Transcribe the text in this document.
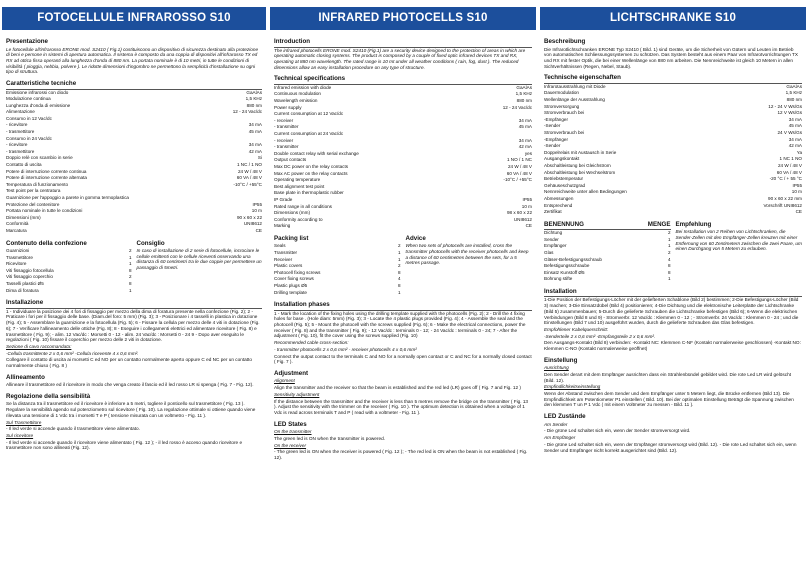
FOTOCELLULE INFRAROSSO S10
Presentazione
Le fotocellule all'infrarosso ERONE mod. S2410 ( Fig.1) costituiscono un dispositivo di sicurezza destinato alla protezione di beni e persone in sistemi di apertura automatica. Il sistema è composto da una coppia di dispositivi all'infrarosso TX ed RX ad ottica fissa operanti alla lunghezza d'onda di 880 nm. La portata nominale è di 10 metri, in tutte le condizioni di visibilità ( pioggia, nebbia, polvere ). Le ridotte dimensioni d'ingombro ne permettono la semplicità d'installazione su ogni tipo di struttura.
Caratteristiche tecniche
GaAlAs
Emissione infrarossi con diodo
1,5 KHz
Modulazione continua
880 nm
Lunghezza d'onda di emissione
12 - 24 Vac/dc
Alimentazione
Consumo in 12 Vac/dc
34 mA
- ricevitore
45 mA
- trasmettitore
Consumo in 24 Vac/dc
34 mA
- ricevitore
42 mA
- trasmettitore
Si
Doppio relè con scambio in serie
1 NC / 1 NO
Contatto di uscita
24 W / 48 V
Potere di interruzione corrente continua
60 VA / 48 V
Potere di interruzione corrente alternata
-10°C / +55°C
Temperatura di funzionamento
Test point per la centratura
Guarnizione per l'appoggio a parete in gomma termoplastica
IP55
Protezione del contenitore
10 m
Portata nominale in tutte le condizioni
90 x 60 x 22
Dimensioni (mm)
UNI8612
Conformità
CE
Marcatura
Contenuto della confezione
2
Guarnizioni
1
Trasmettitore
1
Ricevitore
8
Viti fissaggio fotocellula
2
Viti fissaggio coperchio
8
Tasselli plastici Ø5
1
Dima di foratura
Consiglio
In caso di installazione di 2 serie di fotocellule, incrociare le cellule emittenti con le cellule riceventi osservando una distanza di 60 centimetri tra le due coppie per permettere un passaggio di 5metri.
Installazione
1 - Individuare la posizione dei 4 fori di fissaggio per mezzo della dima di foratura presente nella confezione (Fig. 2); 2 - Praticare i fori per il fissaggio delle base. (Diam.del foro: 5 mm) (Fig. 3); 3 - Posizionare i 4 tasselli in plastica in dotazione (Fig. 4); 5 - Assemblare la guarnizione e la fotocellula (Fig. 5); 6 - Fissare la cellula per mezzo delle 4 viti in dotazione (Fig. 6); 7 - Verificare l'allineamento delle ottiche (Fig. 8); 8 - Eseguire i collegamenti elettrici ed alimentare ricevitore ( Fig. 8) e trasmettitore ( Fig. 9); - alim. 12 Vac/dc : Morsetti 0 - 12 - alim. 24 Vac/dc : Morsetti 0 - 24 9 - Dopo aver eseguito le regolazioni ( Fig. 10) fissare il coperchio per mezzo delle 2 viti in dotazione.
Sezione di cavo raccomandata:
-Cellula trasmittente 2 x 0,6 mm² -Cellula ricevente 4 x 0,6 mm².
Collegare il contatto di uscita ai morsetti C ed NO per un contatto normalmente aperto oppure C ed NC per un contatto normalmente chiuso ( Fig. 8 )
Allineamento
Allineare il trasmettitore ed il ricevitore in modo che venga creato il fascio ed il led rosso LR si spenga ( Fig. 7 - Fig. 12).
Regolazione della sensibilità
Se la distanza tra il trasmettitore ed il ricevitore è inferiore a 5 metri, togliere il ponticello sul trasmettitore ( Fig. 13 ). Regolare la sensibilità agendo sul potenziometro sul ricevitore ( Fig. 10). La regolazione ottimale si ottiene quando viene rilevata una tensione di 1 Vdc tra i morsetti T e P ( tensione misurata con un voltmetro - Fig. 11 ).
Sul Trasmettitore
- Il led verde si accende quando il trasmettitore viene alimentato.
Sul ricevitore
- Il led verde si accende quando il ricevitore viene alimentato ( Fig. 12 ); - il led rosso è acceso quando ricevitore e trasmettitore non sono allineati (Fig. 12).
INFRARED PHOTOCELLS S10
Introduction
The infrared photocells ERONE mod. S2410 (Fig.1) are a security device designed to the protection of areas in which are operating automatic closing systems. The product is composed by a couple of fixed optic infrared devices TX and RX, operating at 880 nm wavelength. The rated range is 10 mt under all weather conditions ( rain, fog, dust ). The reduced dimensions allow an easy installation procedure on any type of structure.
Technical specifications
GaAlAs
Infrared emission with diode
1,5 KHz
Continuous modulation
880 nm
Wavelength emission
12 - 24 Vac/dc
Power supply
Current consumption at 12 Vac/dc
34 mA
- receiver
45 mA
- transmitter
Current consumption at 24 Vac/dc
34 mA
- receiver
42 mA
- transmitter
yes
Double contact relay with serial exchange
1 NO / 1 NC
Output contacts
24 W / 48 V
Max DC power on the relay contacts
60 VA / 48 V
Max AC power on the relay contacts
-10°C / +55°C
Operating temperature
Best alignment test point
Base plate in thermoplastic rubber
IP55
IP Grade
10 m
Rated range in all conditions
98 x 60 x 22
Dimensions (mm)
UNI8612
Conformity according to
CE
Marking
Packing list
2
Seals
1
Transmitter
1
Receiver
2
Plastic covers
8
Photocell fixing screws
4
Cover fixing screws
8
Plastic plugs Ø5
1
Drilling template
Advice
When two sets of photocells are installed, cross the transmitter photocells with the receiver photocells and keep a distance of 60 centimetres between the sets, for a 5 metres passage.
Installation phases
1 - Mark the location of the fixing holes using the drilling template supplied with the photocells (Fig. 2); 2 - Drill the 4 fixing holes for base . (Hole diam: 5mm) (Fig. 3); 3 - Locate the 4 plastic plugs provided (Fig. 4); 4 - Assemble the seal and the photocell (Fig. 5); 5 - Mount the photocell with the screws supplied (Fig. 6); 6 - Make the electrical connections, power the receiver ( Fig. 8) and the transmitter ( Fig. 9); - 12 Vac/dc : terminals 0 - 12; - 24 Vac/dc : terminals 0 - 24; 7 - After the adjustment ( Fig. 10), fit the cover using the screws supplied (Fig. 10)
Recommended cable cross-section:
- transmitter photocells 2 x 0,6 mm² - receiver photocells 4 x 0,6 mm²
Connect the output contact to the terminals C and NO for a normally open contact or C and NC for a normally closed contact ( Fig. 7 ).
Adjustment
Alignment
Align the transmitter and the receiver so that the beam is established and the red led (LR) goes off ( Fig. 7 and Fig. 12 )
Sensitivity adjustment
If the distance between the transmitter and the receiver is less than 5 metres remove the bridge on the transmitter ( Fig. 13 ). Adjust the sensitivity with the trimmer on the receiver ( Fig. 10 ). The optimum detection is obtained when a voltage of 1 Vdc is read across terminals T and P ( read with a voltmeter - Fig. 11 ).
LED States
On the transmitter
The green led is ON when the transmitter is powered.
On the receiver
- The green led is ON when the receiver is powered ( Fig. 12 ); - The red led is ON when the beam is not established ( Fig. 12).
LICHTSCHRANKE S10
Beschreibung
Die Infrarotlichtschranken ERONE Typ S2410 ( Bild. 1) sind Geräte, um die Sicherheit von Gütern und Leuten im Betrieb von automatischen Schliessungssystemen zu schützen. Das System besteht aus einem Paar von Infrarotvorrichtungen TX und RX mit fester Optik, die bei einer Wellenlänge von 880 nm arbeiten. Die Nennreichweite ist gleich 10 Metern in allen Sichtverhältnissen (Regen, Nebel, Staub).
Technische eigenschaften
GaAlAs
Infrarotausstrahlung mit Diode
1,5 KHz
Dauermodulation
880 nm
Wellenlänge der Ausstrahlung
12 - 24 V Ws/Gs
Stromversorgung
12 V Ws/Gs
Stromverbrauch bei
34 mA
-Empfänger
45 mA
-Sender
24 V Ws/Gs
Stromverbrauch bei
34 mA
-Empfänger
42 mA
-Sender
Ya
Doppelrelais mit Austausch in Serie
1 NC 1 NO
Ausgangskontakt
24 W / 48 V
Abschaltleistung bei Gleichstrom
60 VA / 48 V
Abschaltleistung bei Wechselstrom
-20 °C / + 55 °C
Betriebstemperatur
IP55
Gehäuseschutzgrad
10 m
Nennreichweite unter allen Bedingungen
90 x 60 x 22 mm
Abmessungen
Vorschrift UNI8612
Entsprechend
CE
Zertifikat
BENENNUNG	MENGE
2
Dichtung
1
Sender
1
Empfänger
2
Glas
4
Gläser-Befestigungsschraub
8
Befestigungsschraube
8
Einsatz Kunstoff Ø5
1
Bohrung stifte
Empfehlung
Bei Installation von 2 Reihen von Lichtschranken, die Sender-Zellen mit den Empfänger-Zellen kreuzen mit einer Entfernung von 60 Zentimetern zwischen die zwei Paare, um einen Durchgang von 5 Metern zu erlauben.
Installation
1-Die Position der Befestigungs-Löcher mit der geliefterten Schablone (Bild 2) bestimmen; 2-Die Befestigungs-Löcher (Bild 3) machen; 3-Die Einsatzdübel (Bild 4) positionieren; 4-Die Dichtung und die elektronische Leiterplatte der Lichtschranke (Bild 5) zusammenbauen; 5-Durch die gelieferte Schrauben die Lichtschranke befestigen (Bild 6); 6-Wenn die elektrischen Verbindungen (Bild 8 und 9) - Stromverbr. 12 Vac/dc : Klemmen 0 - 12 ; - Stromverbr. 24 Vac/dc : Klemmen 0 - 24 ; und die Einstellungen (Bild 7 und 10) ausgeführt wurden, durch die gelieferte Schrauben das Glas befestigen.
Empfohlener Kabelquerschnitt:
-Senderteile 2 x 0,6 mm² -Empfangsteile 2 x 0,6 mm².
Den Ausgangs-Kontakt (Bild 8) verbinden: -Kontakt NC: Klemmen C-NF (Kontakt normalerweise geschlossen) -Kontakt NO: Klemmen C-NO (Kontakt normalerweise geöffnet)
Einstellung
Ausrichtung
Den Sender derart mit dem Empfänger ausrichten dass ein Strahlenbündel gebildet wird. Die rote Led LR wird gelöscht (Bild. 12).
Empfindlichkeitseinstellung
Wenn der Abstand zwischen dem Sender und dem Empfänger unter 5 Metern liegt, die Brücke entfernen (Bild 13). Die Empfindlichkeit am Potentiometer P1 einstellen ( Bild. 10). Bei der optimalen Einstellung Beträgt die Spannung zwischen den klemmen T un P 1 Vdc ( mit einem Voltmeter zu messen - Bild. 11 ).
LED Zustände
Am Sender
- Die grüne Led schaltet sich ein, wenn der Sender stromversorgt wird.
Am Empfänger
- Die grüne Led schaltet sich ein, wenn der Empfänger stromversorgt wird (Bild. 12). - Die rote Led schaltet sich ein, wenn Sender und Empfänger nicht korrekt ausgerichtet sind (Bild. 12).
